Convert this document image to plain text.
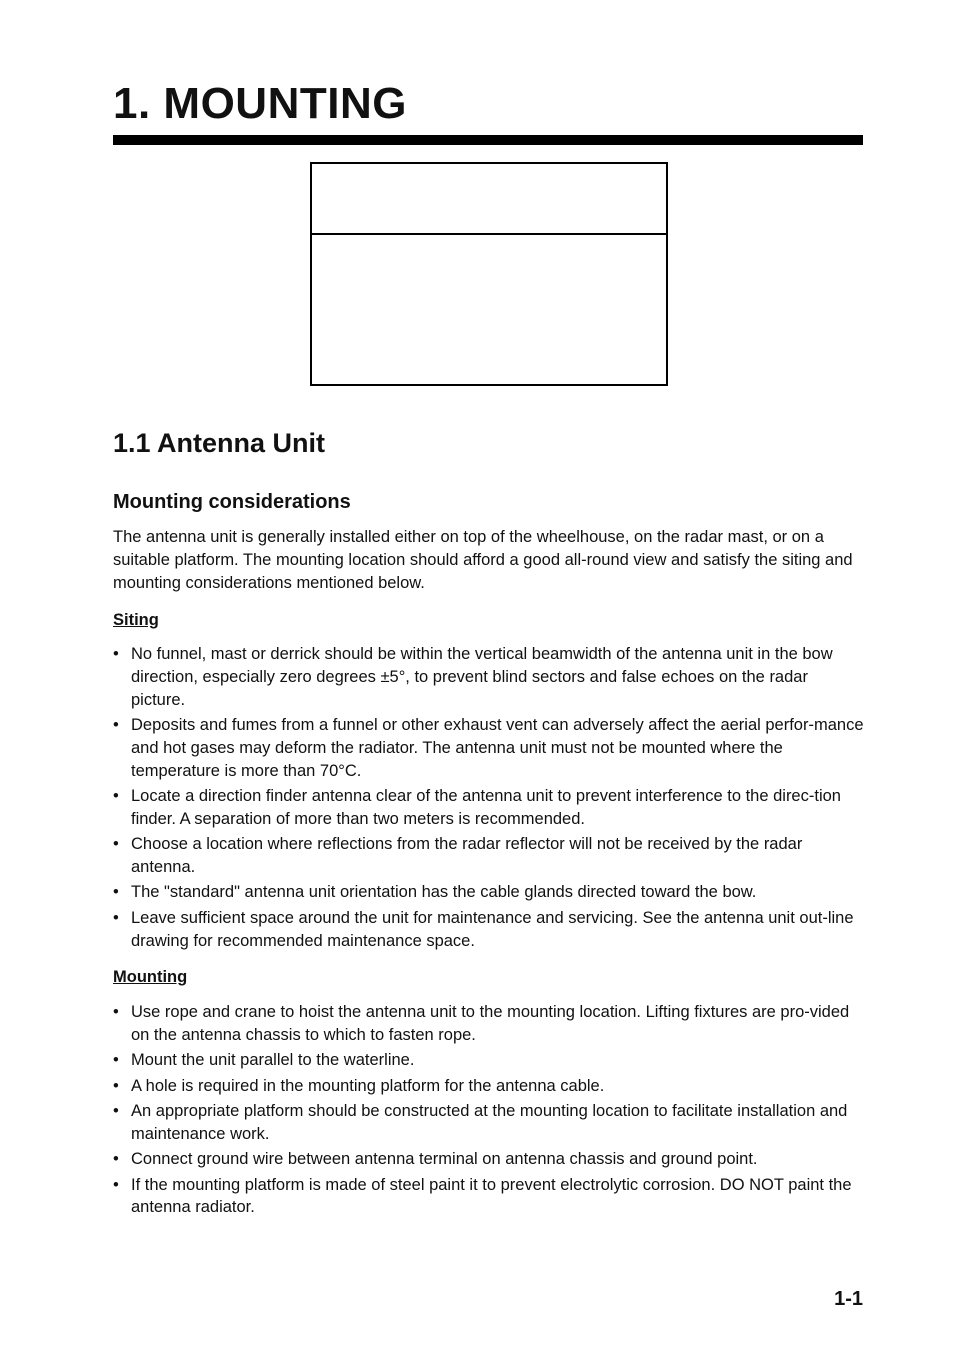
1. MOUNTING
1.1 Antenna Unit
Mounting considerations

The antenna unit is generally installed either on top of the wheelhouse, on the radar mast, or on a suitable platform. The mounting location should afford a good all-round view and satisfy the siting and mounting considerations mentioned below.

Siting
• No funnel, mast or derrick should be within the vertical beamwidth of the antenna unit in the bow direction, especially zero degrees ±5°, to prevent blind sectors and false echoes on the radar picture.
• Deposits and fumes from a funnel or other exhaust vent can adversely affect the aerial perfor-mance and hot gases may deform the radiator. The antenna unit must not be mounted where the temperature is more than 70°C.
• Locate a direction finder antenna clear of the antenna unit to prevent interference to the direc-tion finder. A separation of more than two meters is recommended.
• Choose a location where reflections from the radar reflector will not be received by the radar antenna.
• The "standard" antenna unit orientation has the cable glands directed toward the bow.
• Leave sufficient space around the unit for maintenance and servicing. See the antenna unit out-line drawing for recommended maintenance space.
Mounting
• Use rope and crane to hoist the antenna unit to the mounting location. Lifting fixtures are pro-vided on the antenna chassis to which to fasten rope.
• Mount the unit parallel to the waterline.
• A hole is required in the mounting platform for the antenna cable.
• An appropriate platform should be constructed at the mounting location to facilitate installation and maintenance work.
• Connect ground wire between antenna terminal on antenna chassis and ground point.
• If the mounting platform is made of steel paint it to prevent electrolytic corrosion. DO NOT paint the antenna radiator.

1-1
